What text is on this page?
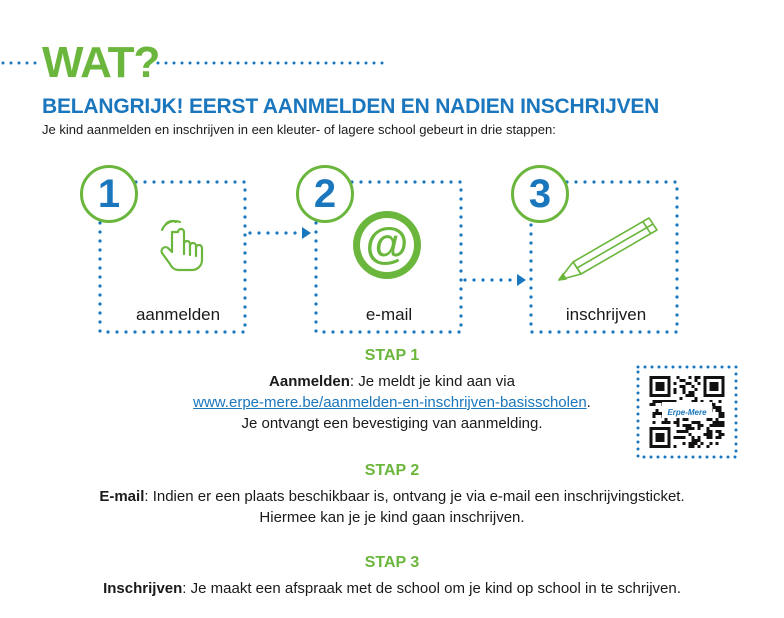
WAT?
BELANGRIJK! EERST AANMELDEN EN NADIEN INSCHRIJVEN
Je kind aanmelden en inschrijven in een kleuter- of lagere school gebeurt in drie stappen:
1	2	3
@
aanmelden	e-mail	inschrijven
STAP 1
Aanmelden: Je meldt je kind aan via
www.erpe-mere.be/aanmelden-en-inschrijven-basisscholen.
Je ontvangt een bevestiging van aanmelding.
Erpe-Mere
STAP 2
E-mail: Indien er een plaats beschikbaar is, ontvang je via e-mail een inschrijvingsticket.
Hiermee kan je je kind gaan inschrijven.
STAP 3
Inschrijven: Je maakt een afspraak met de school om je kind op school in te schrijven.
